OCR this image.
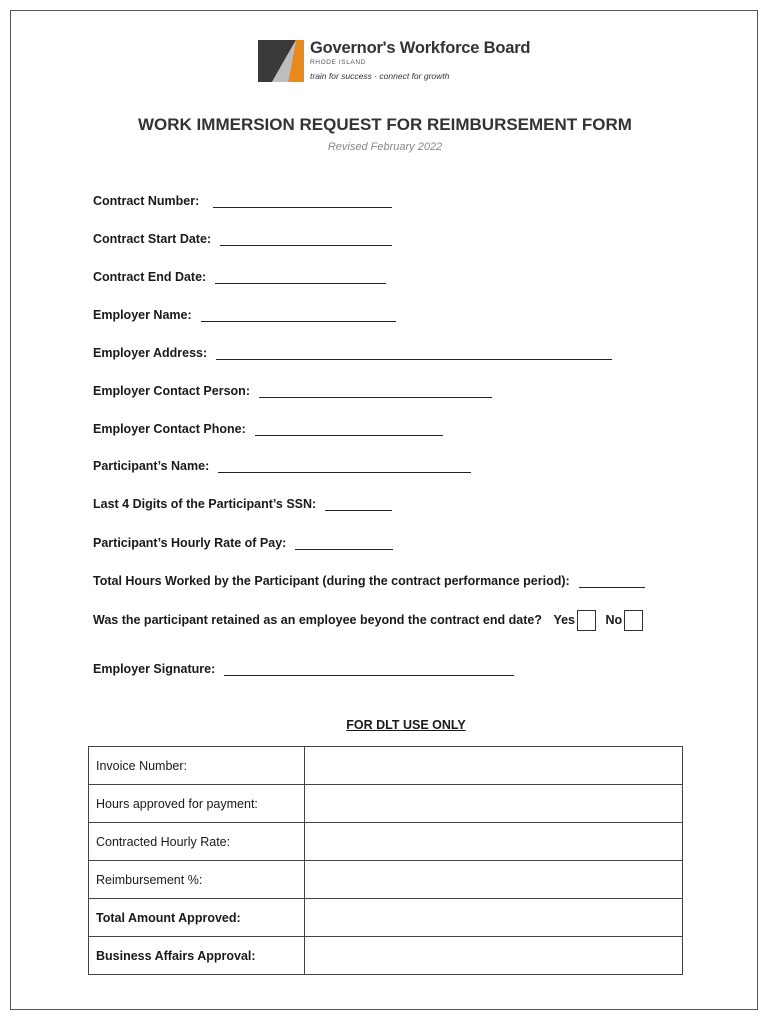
Governor's Workforce Board
RHODE ISLAND
train for success · connect for growth
WORK IMMERSION REQUEST FOR REIMBURSEMENT FORM
Revised February 2022
Contract Number:
Contract Start Date:
Contract End Date:
Employer Name:
Employer Address:
Employer Contact Person:
Employer Contact Phone:
Participant’s Name:
Last 4 Digits of the Participant’s SSN:
Participant’s Hourly Rate of Pay:
Total Hours Worked by the Participant (during the contract performance period):
Was the participant retained as an employee beyond the contract end date? Yes No
Employer Signature:
FOR DLT USE ONLY
Invoice Number:	
Hours approved for payment:	
Contracted Hourly Rate:	
Reimbursement %:	
Total Amount Approved:	
Business Affairs Approval:	
